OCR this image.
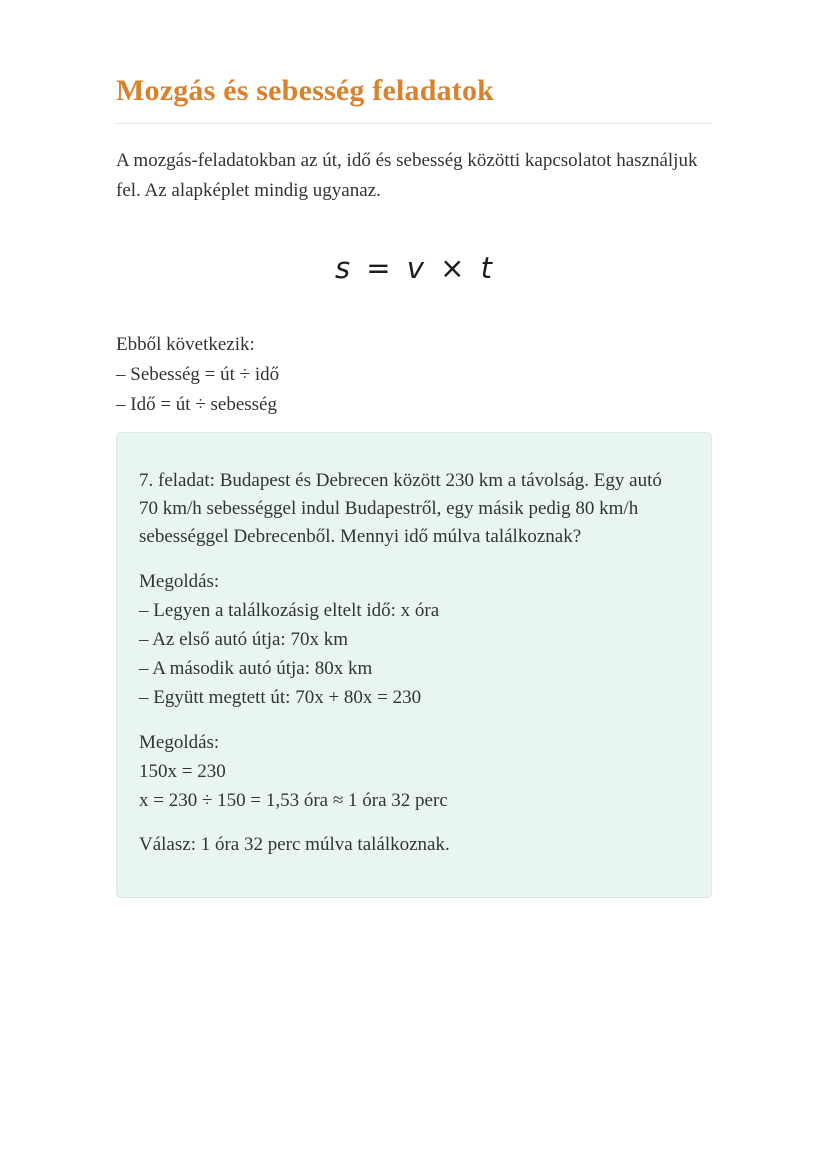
Mozgás és sebesség feladatok

A mozgás-feladatokban az út, idő és sebesség közötti kapcsolatot használjuk fel. Az alapképlet mindig ugyanaz.

s = v × t
Ebből következik:
– Sebesség = út ÷ idő
– Idő = út ÷ sebesség

7. feladat: Budapest és Debrecen között 230 km a távolság. Egy autó 70 km/h sebességgel indul Budapestről, egy másik pedig 80 km/h sebességgel Debrecenből. Mennyi idő múlva találkoznak?

Megoldás:
– Legyen a találkozásig eltelt idő: x óra
– Az első autó útja: 70x km
– A második autó útja: 80x km
– Együtt megtett út: 70x + 80x = 230
Megoldás:
150x = 230
x = 230 ÷ 150 = 1,53 óra ≈ 1 óra 32 perc

Válasz: 1 óra 32 perc múlva találkoznak.
